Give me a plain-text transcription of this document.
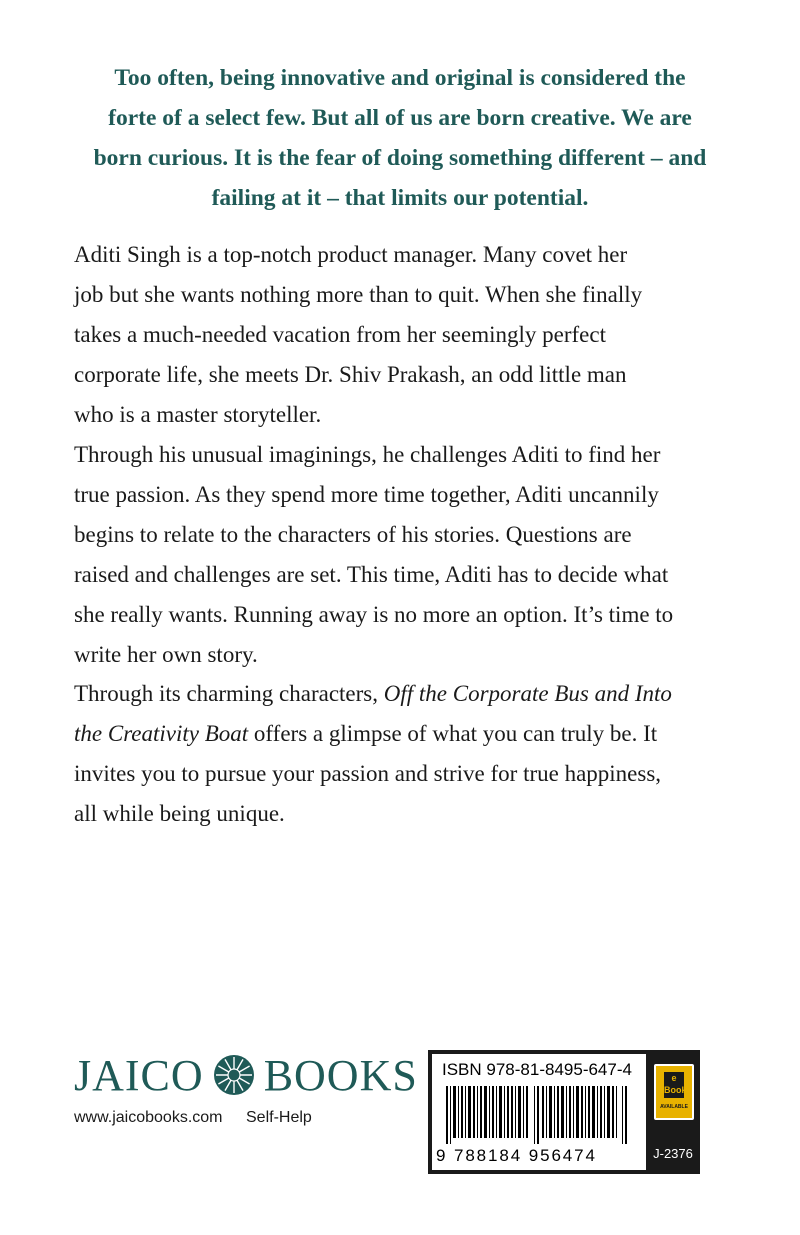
Too often, being innovative and original is considered the
forte of a select few. But all of us are born creative. We are
born curious. It is the fear of doing something different – and
failing at it – that limits our potential.
Aditi Singh is a top-notch product manager. Many covet her
job but she wants nothing more than to quit. When she finally
takes a much-needed vacation from her seemingly perfect
corporate life, she meets Dr. Shiv Prakash, an odd little man
who is a master storyteller.
Through his unusual imaginings, he challenges Aditi to find her
true passion. As they spend more time together, Aditi uncannily
begins to relate to the characters of his stories. Questions are
raised and challenges are set. This time, Aditi has to decide what
she really wants. Running away is no more an option. It’s time to
write her own story.
Through its charming characters, Off the Corporate Bus and Into
the Creativity Boat offers a glimpse of what you can truly be. It
invites you to pursue your passion and strive for true happiness,
all while being unique.
JAICO BOOKS
www.jaicobooks.com Self-Help
ISBN 978-81-8495-647-4
9 788184 956474
e
Book
AVAILABLE
J-2376
